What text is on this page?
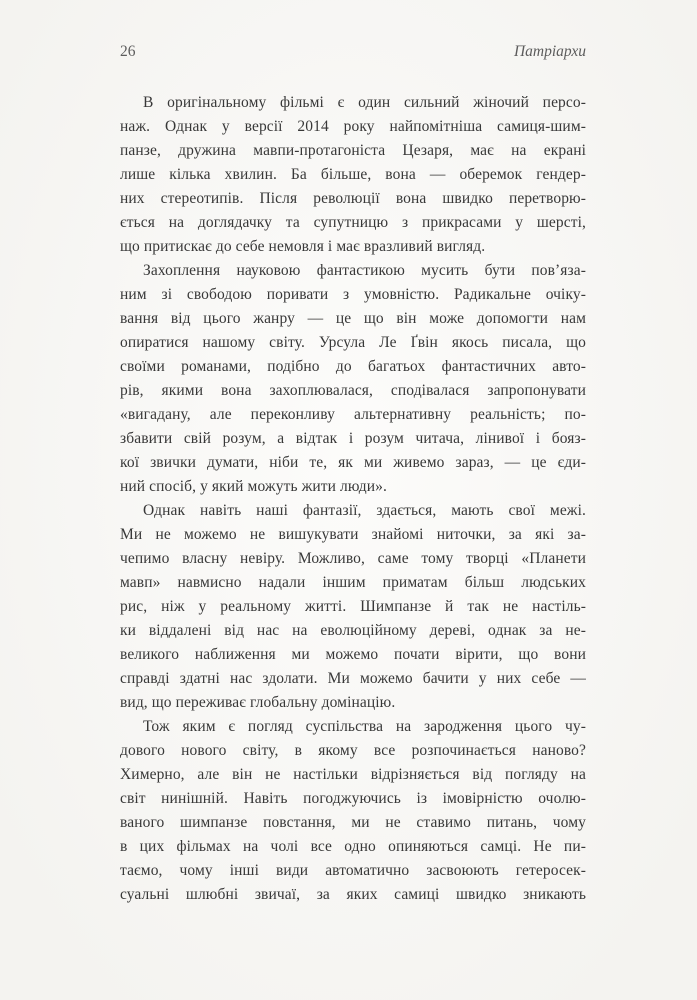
26	Патріархи
В оригінальному фільмі є один сильний жіночий персо-
наж. Однак у версії 2014 року найпомітніша самиця-шим-
панзе, дружина мавпи-протагоніста Цезаря, має на екрані
лише кілька хвилин. Ба більше, вона — оберемок гендер-
них стереотипів. Після революції вона швидко перетворю-
ється на доглядачку та супутницю з прикрасами у шерсті,
що притискає до себе немовля і має вразливий вигляд.
Захоплення науковою фантастикою мусить бути пов’яза-
ним зі свободою поривати з умовністю. Радикальне очіку-
вання від цього жанру — це що він може допомогти нам
опиратися нашому світу. Урсула Ле Ґвін якось писала, що
своїми романами, подібно до багатьох фантастичних авто-
рів, якими вона захоплювалася, сподівалася запропонувати
«вигадану, але переконливу альтернативну реальність; по-
збавити свій розум, а відтак і розум читача, лінивої і бояз-
кої звички думати, ніби те, як ми живемо зараз, — це єди-
ний спосіб, у який можуть жити люди».
Однак навіть наші фантазії, здається, мають свої межі.
Ми не можемо не вишукувати знайомі ниточки, за які за-
чепимо власну невіру. Можливо, саме тому творці «Планети
мавп» навмисно надали іншим приматам більш людських
рис, ніж у реальному житті. Шимпанзе й так не настіль-
ки віддалені від нас на еволюційному дереві, однак за не-
великого наближення ми можемо почати вірити, що вони
справді здатні нас здолати. Ми можемо бачити у них себе —
вид, що переживає глобальну домінацію.
Тож яким є погляд суспільства на зародження цього чу-
дового нового світу, в якому все розпочинається наново?
Химерно, але він не настільки відрізняється від погляду на
світ нинішній. Навіть погоджуючись із імовірністю очолю-
ваного шимпанзе повстання, ми не ставимо питань, чому
в цих фільмах на чолі все одно опиняються самці. Не пи-
таємо, чому інші види автоматично засвоюють гетеросек-
суальні шлюбні звичаї, за яких самиці швидко зникають
